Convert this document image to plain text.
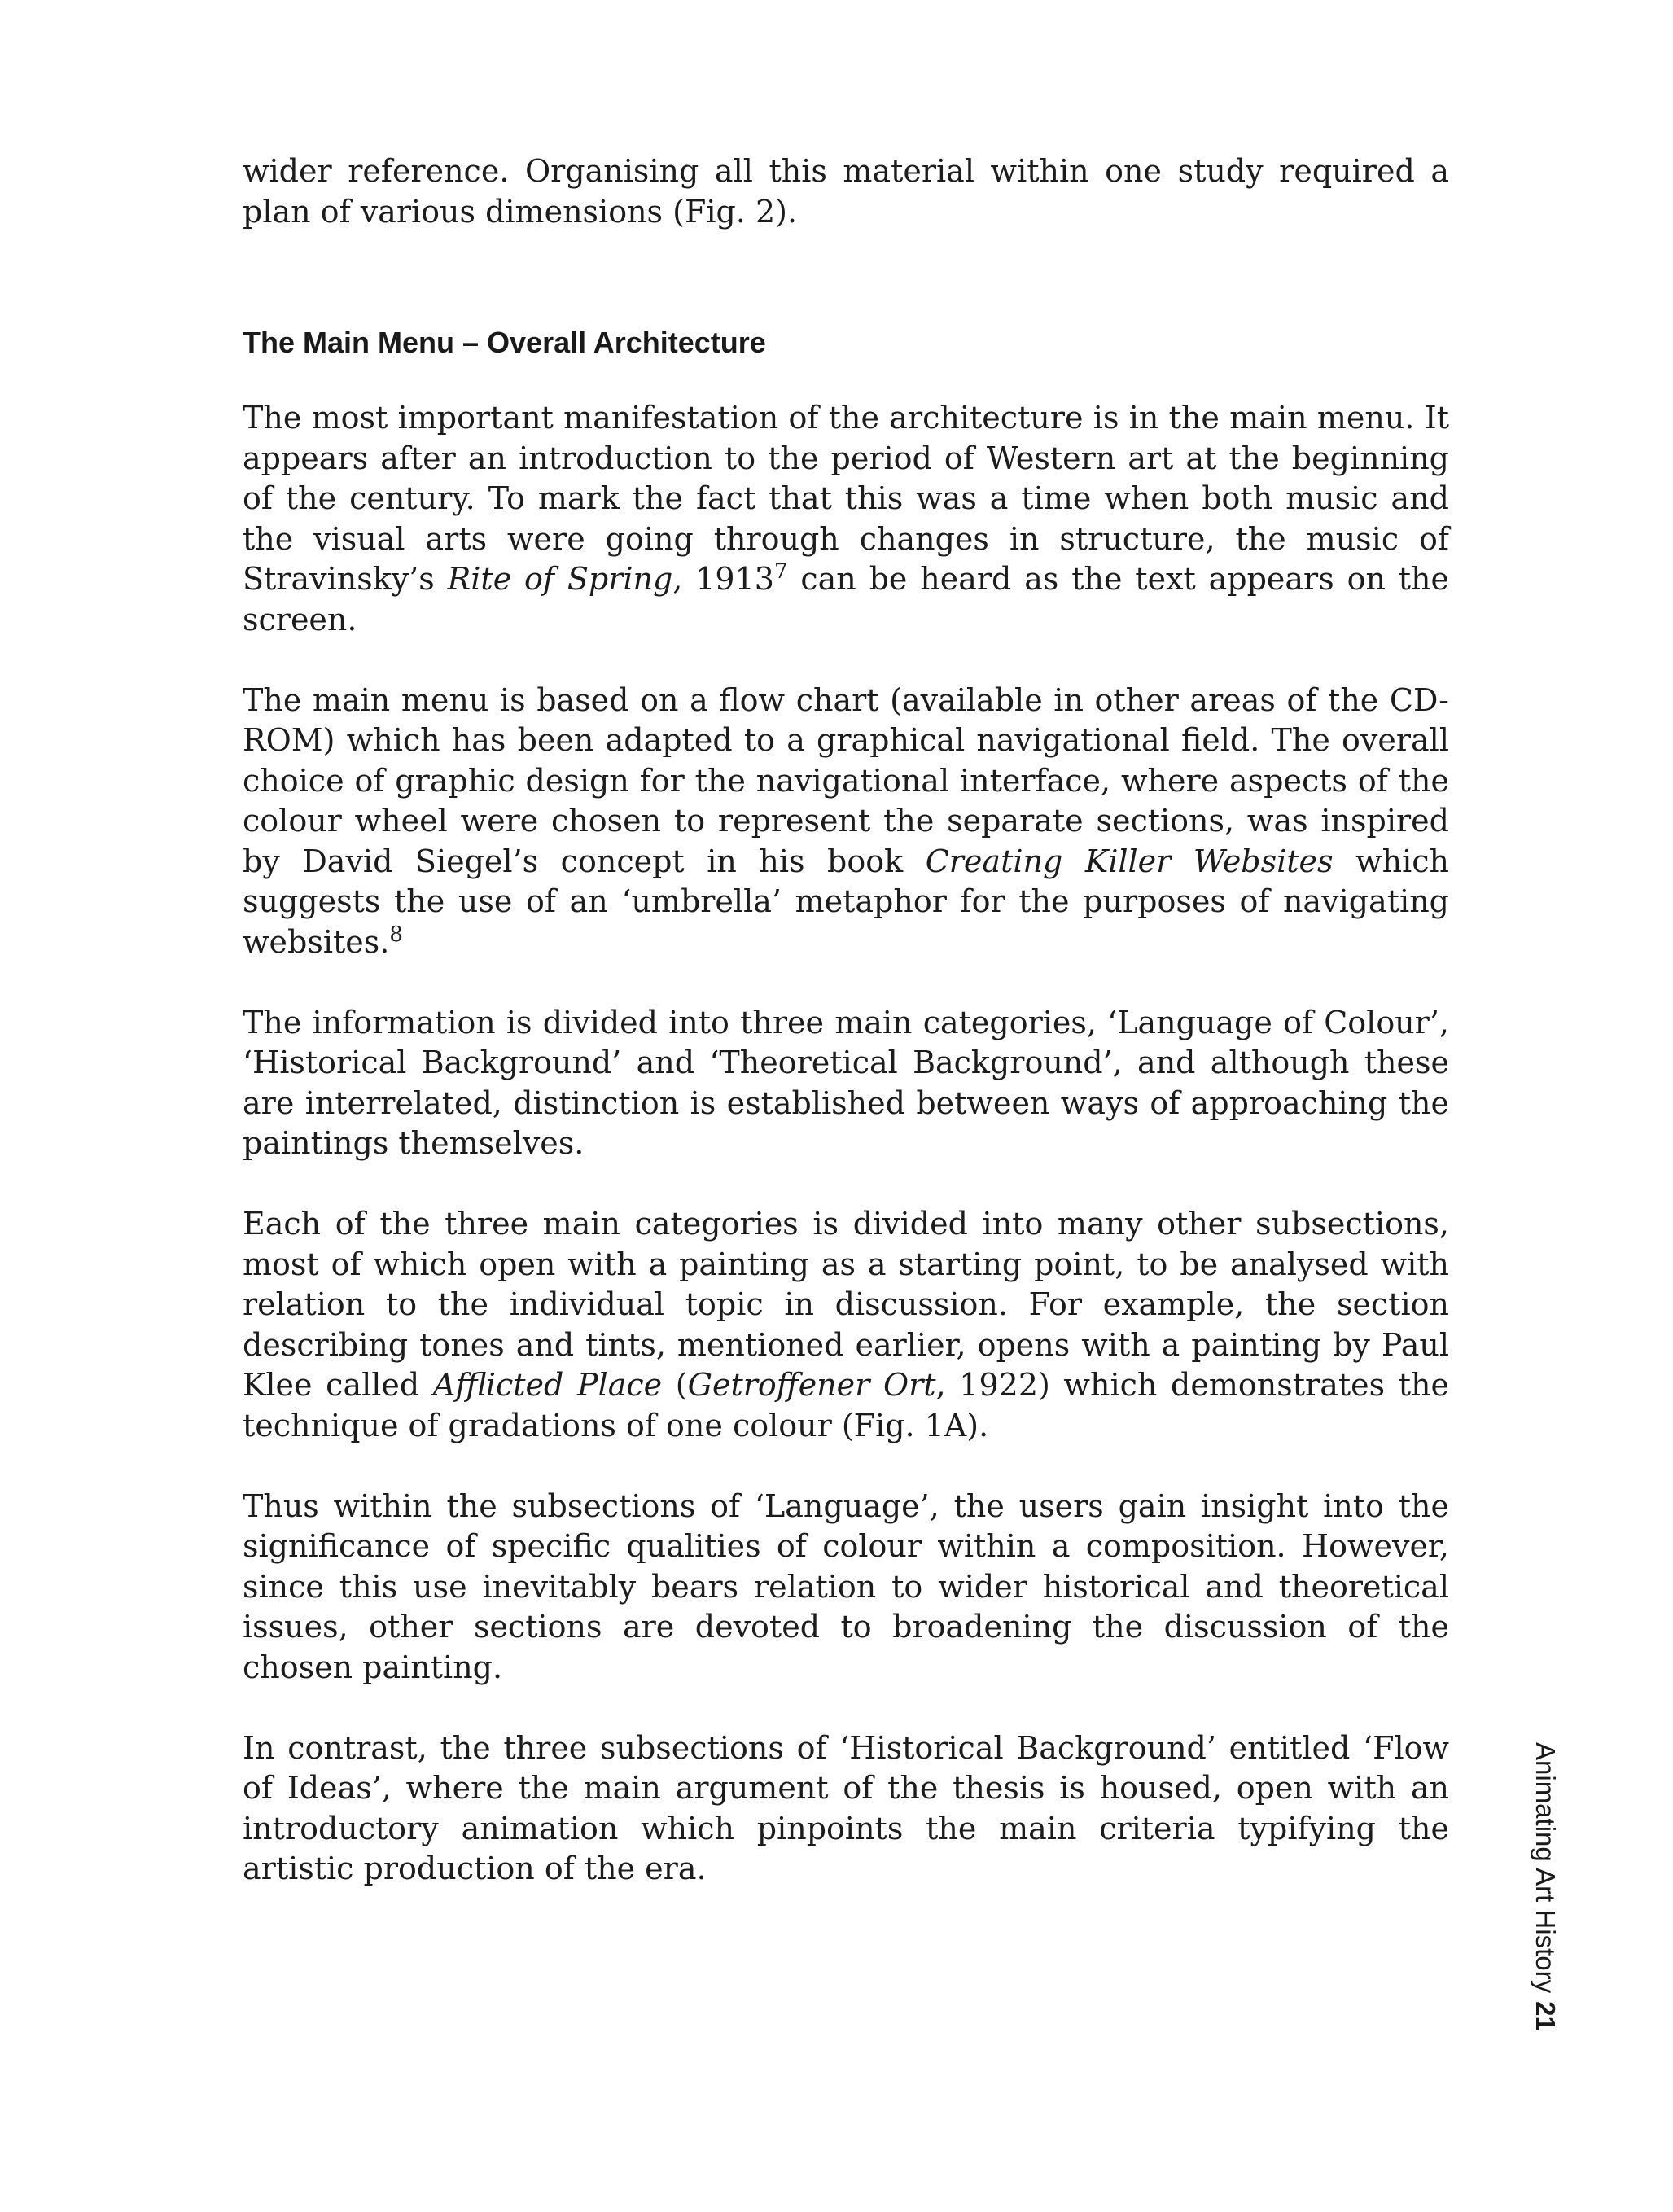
wider reference. Organising all this material within one study required a plan of various dimensions (Fig. 2).

The Main Menu – Overall Architecture

The most important manifestation of the architecture is in the main menu. It appears after an introduction to the period of Western art at the beginning of the century. To mark the fact that this was a time when both music and the visual arts were going through changes in structure, the music of Stravinsky’s Rite of Spring, 1913$^7$ can be heard as the text appears on the screen.

The main menu is based on a flow chart (available in other areas of the CD-ROM) which has been adapted to a graphical navigational field. The overall choice of graphic design for the navigational interface, where aspects of the colour wheel were chosen to represent the separate sections, was inspired by David Siegel’s concept in his book Creating Killer Websites which suggests the use of an ‘umbrella’ metaphor for the purposes of navigating websites.$^8$

The information is divided into three main categories, ‘Language of Colour’, ‘Historical Background’ and ‘Theoretical Background’, and although these are interrelated, distinction is established between ways of approaching the paintings themselves.

Each of the three main categories is divided into many other subsections, most of which open with a painting as a starting point, to be analysed with relation to the individual topic in discussion. For example, the section describing tones and tints, mentioned earlier, opens with a painting by Paul Klee called Afflicted Place (Getroffener Ort, 1922) which demonstrates the technique of gradations of one colour (Fig. 1A).

Thus within the subsections of ‘Language’, the users gain insight into the significance of specific qualities of colour within a composition. However, since this use inevitably bears relation to wider historical and theoretical issues, other sections are devoted to broadening the discussion of the chosen painting.

In contrast, the three subsections of ‘Historical Background’ entitled ‘Flow of Ideas’, where the main argument of the thesis is housed, open with an introductory animation which pinpoints the main criteria typifying the artistic production of the era.	Animating Art History21
